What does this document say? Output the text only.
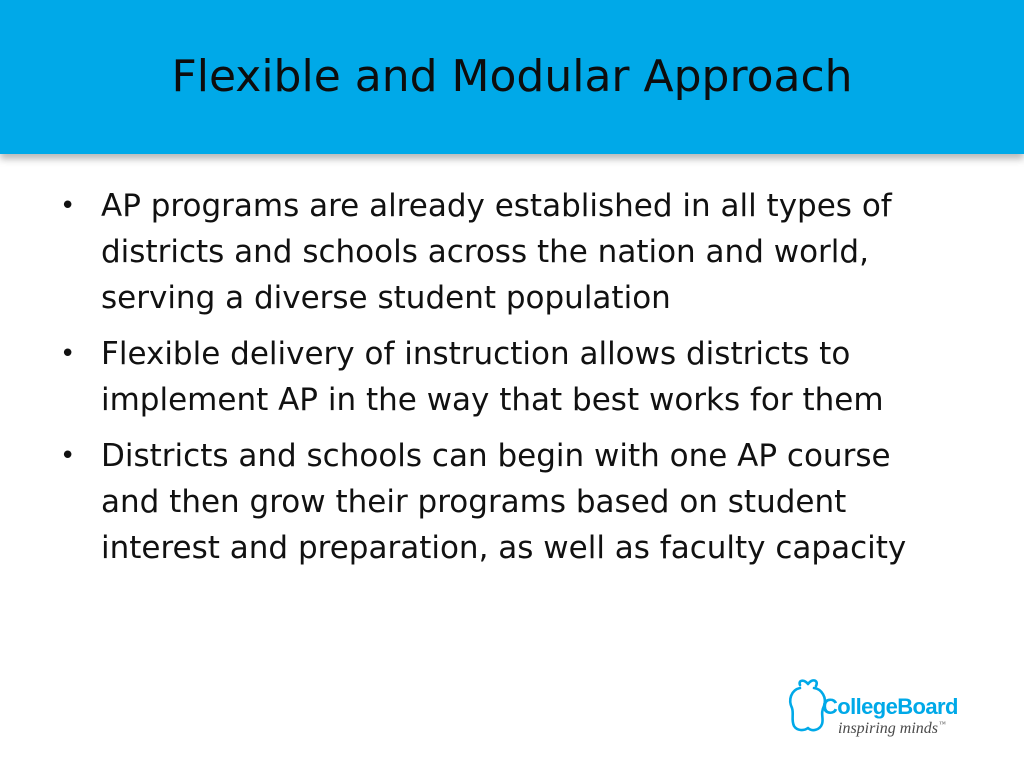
Flexible and Modular Approach
• AP programs are already established in all types of districts and schools across the nation and world, serving a diverse student population
• Flexible delivery of instruction allows districts to implement AP in the way that best works for them
• Districts and schools can begin with one AP course and then grow their programs based on student interest and preparation, as well as faculty capacity
CollegeBoard
inspiring minds™
